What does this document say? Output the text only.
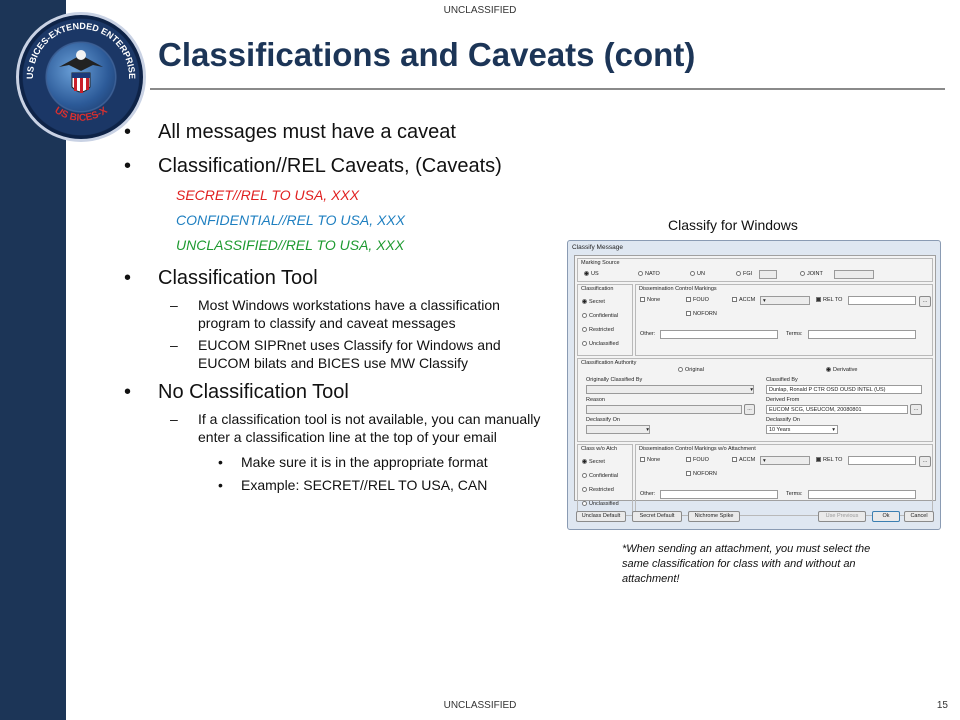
US BICES-EXTENDED ENTERPRISE
US BICES-X
UNCLASSIFIED
Classifications and Caveats (cont)
• All messages must have a caveat
• Classification//REL Caveats, (Caveats)
SECRET//REL TO USA, XXX
CONFIDENTIAL//REL TO USA, XXX
UNCLASSIFIED//REL TO USA, XXX
• Classification Tool
– Most Windows workstations have a classification program to classify and caveat messages
– EUCOM SIPRnet uses Classify for Windows and EUCOM bilats and BICES use MW Classify
• No Classification Tool
– If a classification tool is not available, you can manually enter a classification line at the top of your email
• Make sure it is in the appropriate format
• Example: SECRET//REL TO USA, CAN
Classify for Windows
Classify Message
Marking Source
US	NATO	UN	FGI	JOINT
Classification
Secret
Confidential
Restricted
Unclassified
Dissemination Control Markings
None	FOUO	ACCM	▾	REL TO	...
NOFORN
Other:	Terms:
Classification Authority
Original	Derivative
Originally Classified By
▾
Reason
...
Declassify On
▾
Classified By
Dunlap, Ronald P CTR OSD OUSD INTEL (US)
Derived From
EUCOM SCG, USEUCOM, 20080801	...
Declassify On
10 Years	▾
Class w/o Atch
Secret
Confidential
Restricted
Unclassified
Dissemination Control Markings w/o Attachment
None	FOUO	ACCM	▾	REL TO	...
NOFORN
Other:	Terms:
Unclass Default	Secret Default	Nichrome Spike	Use Previous	Ok	Cancel
*When sending an attachment, you must select the same classification for class with and without an attachment!
UNCLASSIFIED	15
